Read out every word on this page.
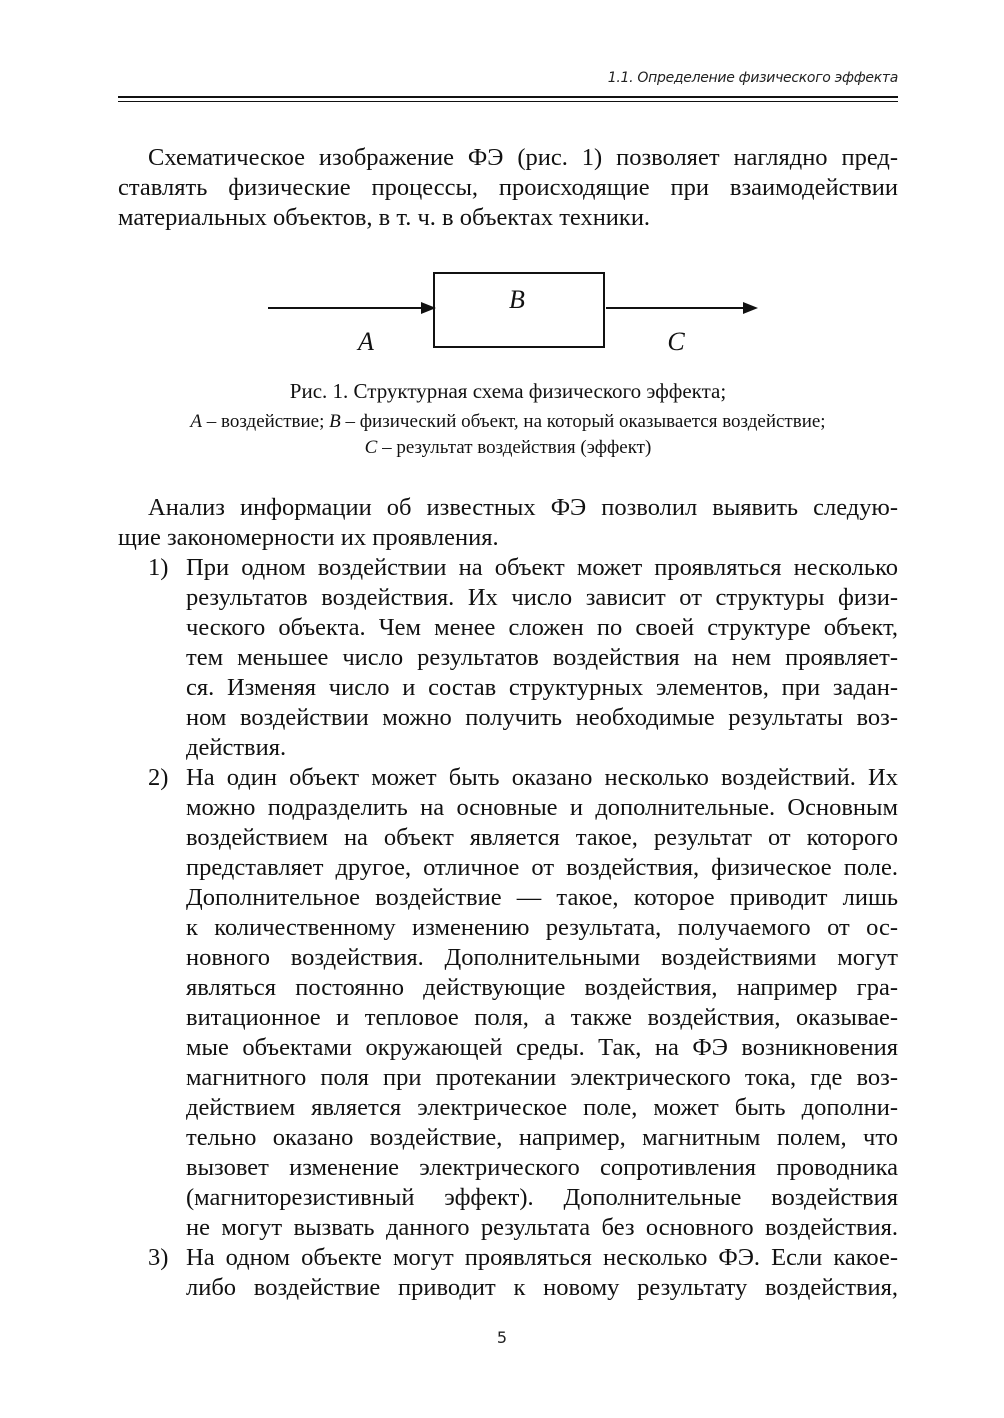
1.1. Определение физического эффекта
Схематическое изображение ФЭ (рис. 1) позволяет наглядно пред-
ставлять физические процессы, происходящие при взаимодействии
материальных объектов, в т. ч. в объектах техники.
B
A	C
Рис. 1. Структурная схема физического эффекта;
A – воздействие; B – физический объект, на который оказывается воздействие;
C – результат воздействия (эффект)
Анализ информации об известных ФЭ позволил выявить следую-
щие закономерности их проявления.
1) При одном воздействии на объект может проявляться несколько
результатов воздействия. Их число зависит от структуры физи-
ческого объекта. Чем менее сложен по своей структуре объект,
тем меньшее число результатов воздействия на нем проявляет-
ся. Изменяя число и состав структурных элементов, при задан-
ном воздействии можно получить необходимые результаты воз-
действия.
2) На один объект может быть оказано несколько воздействий. Их
можно подразделить на основные и дополнительные. Основным
воздействием на объект является такое, результат от которого
представляет другое, отличное от воздействия, физическое поле.
Дополнительное воздействие — такое, которое приводит лишь
к количественному изменению результата, получаемого от ос-
новного воздействия. Дополнительными воздействиями могут
являться постоянно действующие воздействия, например гра-
витационное и тепловое поля, а также воздействия, оказывае-
мые объектами окружающей среды. Так, на ФЭ возникновения
магнитного поля при протекании электрического тока, где воз-
действием является электрическое поле, может быть дополни-
тельно оказано воздействие, например, магнитным полем, что
вызовет изменение электрического сопротивления проводника
(магниторезистивный эффект). Дополнительные воздействия
не могут вызвать данного результата без основного воздействия.
3) На одном объекте могут проявляться несколько ФЭ. Если какое-
либо воздействие приводит к новому результату воздействия,
5
